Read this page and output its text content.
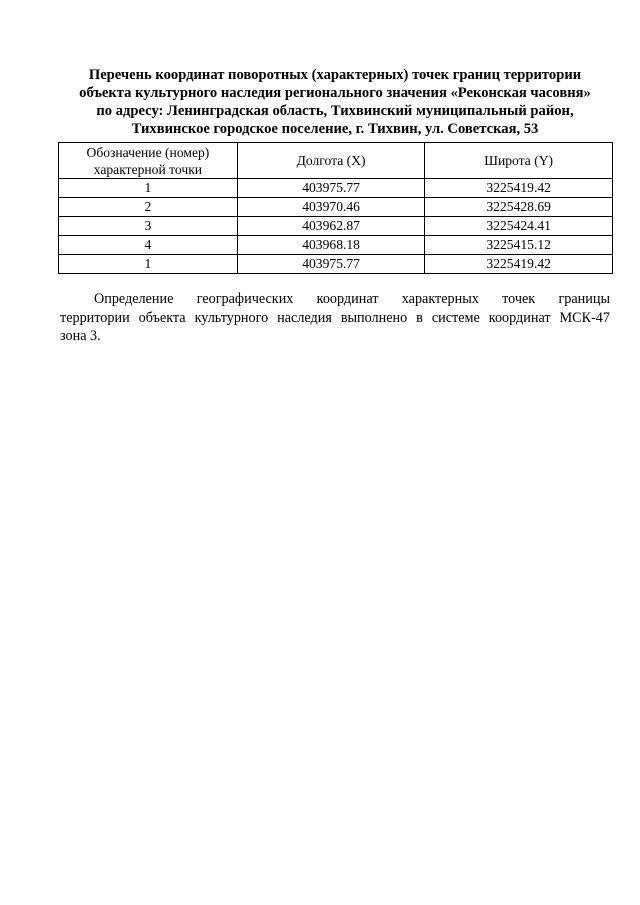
Перечень координат поворотных (характерных) точек границ территории
объекта культурного наследия регионального значения «Реконская часовня»
по адресу: Ленинградская область, Тихвинский муниципальный район,
Тихвинское городское поселение, г. Тихвин, ул. Советская, 53
Обозначение (номер)
характерной точки	Долгота (X)	Широта (Y)
1	403975.77	3225419.42
2	403970.46	3225428.69
3	403962.87	3225424.41
4	403968.18	3225415.12
1	403975.77	3225419.42
Определение географических координат характерных точек границы
территории объекта культурного наследия выполнено в системе координат МСК-47
зона 3.
